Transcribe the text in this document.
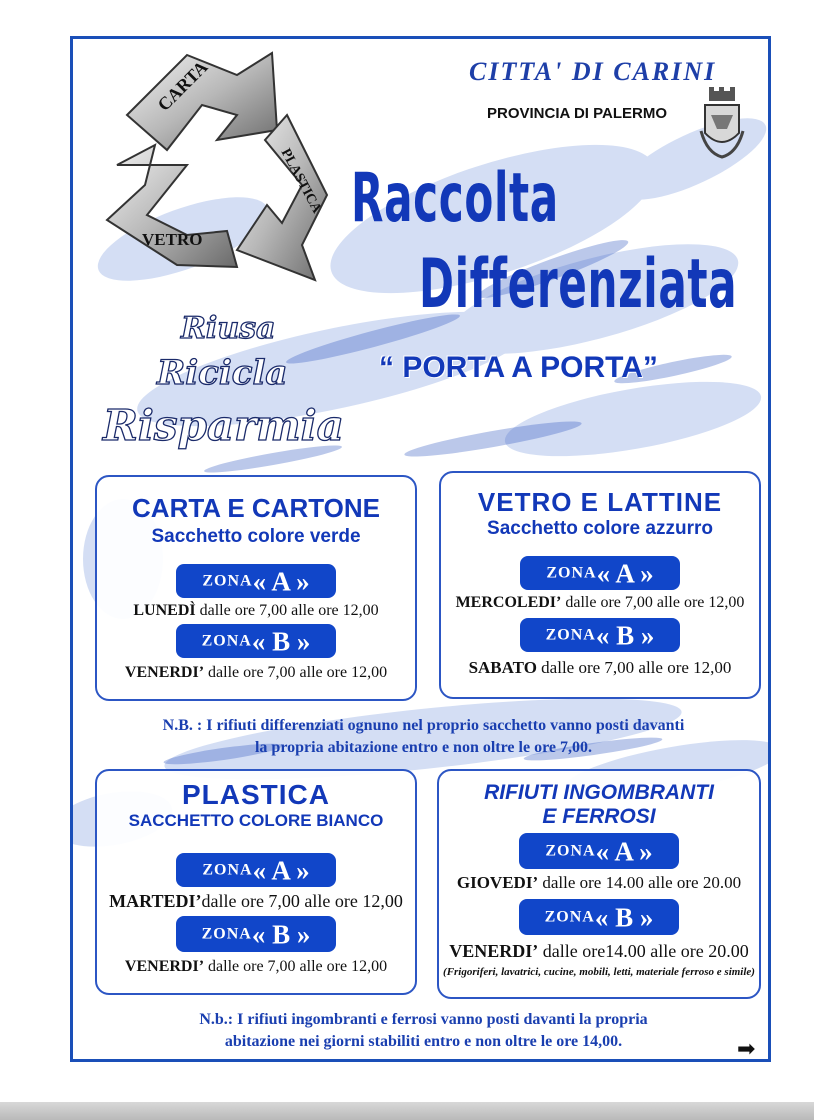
CARTA
PLASTICA
VETRO
CITTA' DI CARINI
PROVINCIA DI PALERMO
Raccolta
Differenziata
“ PORTA A PORTA”
Riusa
Ricicla
Risparmia
CARTA E CARTONE
Sacchetto colore verde
ZONA« A »
LUNEDÌ dalle ore 7,00 alle ore 12,00
ZONA« B »
VENERDI’ dalle ore 7,00 alle ore 12,00
VETRO E LATTINE
Sacchetto colore azzurro
ZONA« A »
MERCOLEDI’ dalle ore 7,00 alle ore 12,00
ZONA« B »
SABATO dalle ore 7,00 alle ore 12,00
N.B. : I rifiuti differenziati ognuno nel proprio sacchetto vanno posti davanti
la propria abitazione entro e non oltre le ore 7,00.
PLASTICA
SACCHETTO COLORE BIANCO
ZONA« A »
MARTEDI’dalle ore 7,00 alle ore 12,00
ZONA« B »
VENERDI’ dalle ore 7,00 alle ore 12,00
RIFIUTI INGOMBRANTI
E FERROSI
ZONA« A »
GIOVEDI’ dalle ore 14.00 alle ore 20.00
ZONA« B »
VENERDI’ dalle ore14.00 alle ore 20.00
(Frigoriferi, lavatrici, cucine, mobili, letti, materiale ferroso e simile)
N.b.: I rifiuti ingombranti e ferrosi vanno posti davanti la propria
abitazione nei giorni stabiliti entro e non oltre le ore 14,00.	➡
